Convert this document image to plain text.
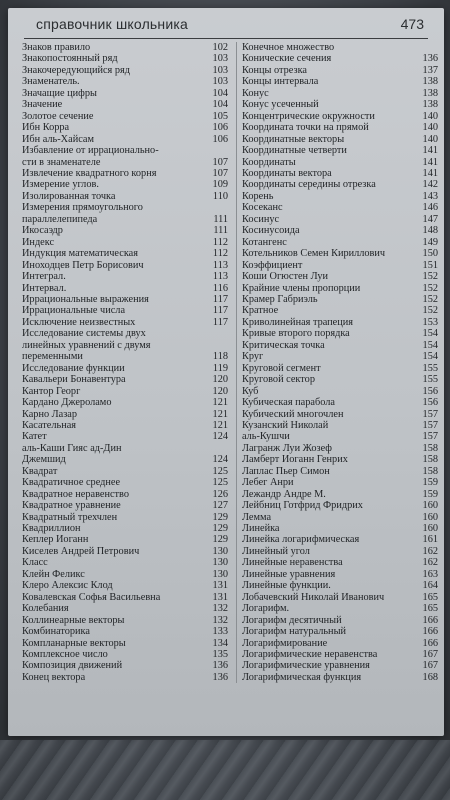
справочник школьника	473
Знаков правило	102
Знакопостоянный ряд	103
Знакочередующийся ряд	103
Знаменатель.	103
Значащие цифры	104
Значение	104
Золотое сечение	105
Ибн Корра	106
Ибн аль-Хайсам	106
Избавление от иррационально-
сти в знаменателе	107
Извлечение квадратного корня	107
Измерение углов.	109
Изолированная точка	110
Измерения прямоугольного
параллелепипеда	111
Икосаэдр	111
Индекс	112
Индукция математическая	112
Иноходцев Петр Борисович	113
Интеграл.	113
Интервал.	116
Иррациональные выражения	117
Иррациональные числа	117
Исключение неизвестных	117
Исследование системы двух
линейных уравнений с двумя
переменными	118
Исследование функции	119
Кавальери Бонавентура	120
Кантор Георг	120
Кардано Джероламо	121
Карно Лазар	121
Касательная	121
Катет	124
аль-Каши Гияс ад-Дин
Джемшид	124
Квадрат	125
Квадратичное среднее	125
Квадратное неравенство	126
Квадратное уравнение	127
Квадратный трехчлен	129
Квадриллион	129
Кеплер Иоганн	129
Киселев Андрей Петрович	130
Класс	130
Клейн Феликс	130
Клеро Алексис Клод	131
Ковалевская Софья Васильевна	131
Колебания	132
Коллинеарные векторы	132
Комбинаторика	133
Компланарные векторы	134
Комплексное число	135
Композиция движений	136
Конец вектора	136
Конечное множество
Конические сечения	136
Концы отрезка	137
Концы интервала	138
Конус	138
Конус усеченный	138
Концентрические окружности	140
Координата точки на прямой	140
Координатные векторы	140
Координатные четверти	141
Координаты	141
Координаты вектора	141
Координаты середины отрезка	142
Корень	143
Косеканс	146
Косинус	147
Косинусоида	148
Котангенс	149
Котельников Семен Кириллович	150
Коэффициент	151
Коши Огюстен Луи	152
Крайние члены пропорции	152
Крамер Габриэль	152
Кратное	152
Криволинейная трапеция	153
Кривые второго порядка	154
Критическая точка	154
Круг	154
Круговой сегмент	155
Круговой сектор	155
Куб	156
Кубическая парабола	156
Кубический многочлен	157
Кузанский Николай	157
аль-Кушчи	157
Лагранж Луи Жозеф	158
Ламберт Иоганн Генрих	158
Лаплас Пьер Симон	158
Лебег Анри	159
Лежандр Андре М.	159
Лейбниц Готфрид Фридрих	160
Лемма	160
Линейка	160
Линейка логарифмическая	161
Линейный угол	162
Линейные неравенства	162
Линейные уравнения	163
Линейные функции.	164
Лобачевский Николай Иванович	165
Логарифм.	165
Логарифм десятичный	166
Логарифм натуральный	166
Логарифмирование	166
Логарифмические неравенства	167
Логарифмические уравнения	167
Логарифмическая функция	168
